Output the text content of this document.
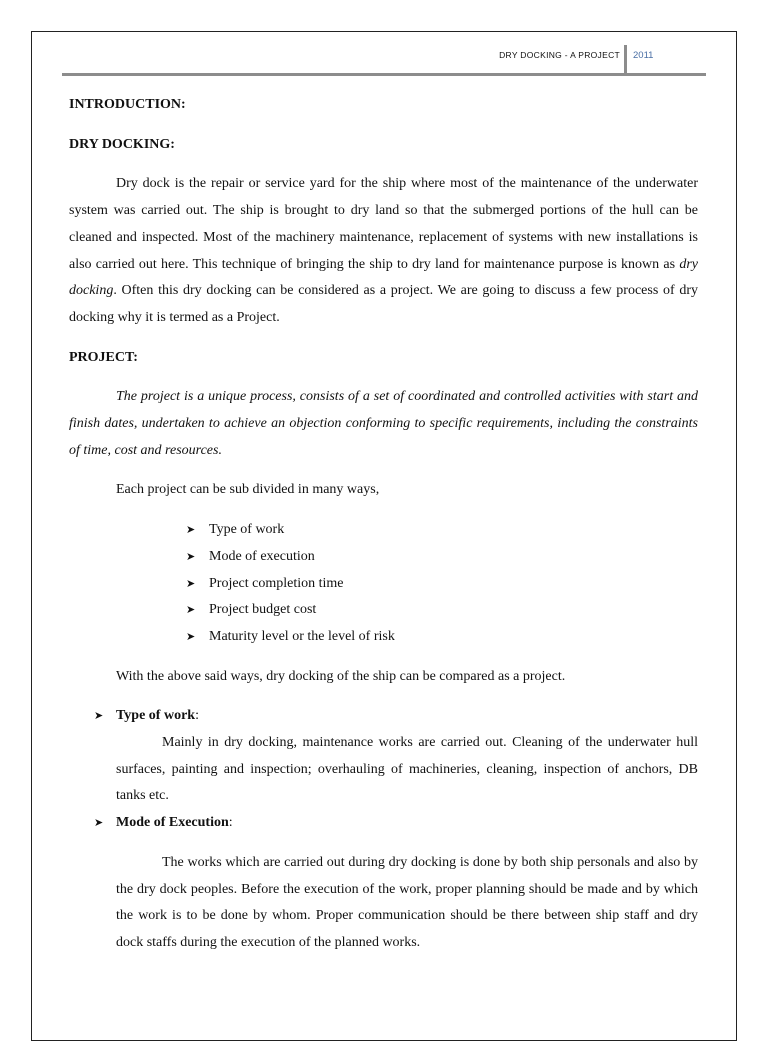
DRY DOCKING - A PROJECT 2011

INTRODUCTION:

DRY DOCKING:

Dry dock is the repair or service yard for the ship where most of the maintenance of the underwater system was carried out. The ship is brought to dry land so that the submerged portions of the hull can be cleaned and inspected. Most of the machinery maintenance, replacement of systems with new installations is also carried out here. This technique of bringing the ship to dry land for maintenance purpose is known as dry docking. Often this dry docking can be considered as a project. We are going to discuss a few process of dry docking why it is termed as a Project.

PROJECT:

The project is a unique process, consists of a set of coordinated and controlled activities with start and finish dates, undertaken to achieve an objection conforming to specific requirements, including the constraints of time, cost and resources.

Each project can be sub divided in many ways,

➤ Type of work
➤ Mode of execution
➤ Project completion time
➤ Project budget cost
➤ Maturity level or the level of risk

With the above said ways, dry docking of the ship can be compared as a project.

➤ Type of work:

Mainly in dry docking, maintenance works are carried out. Cleaning of the underwater hull surfaces, painting and inspection; overhauling of machineries, cleaning, inspection of anchors, DB tanks etc.

➤ Mode of Execution:

The works which are carried out during dry docking is done by both ship personals and also by the dry dock peoples. Before the execution of the work, proper planning should be made and by which the work is to be done by whom. Proper communication should be there between ship staff and dry dock staffs during the execution of the planned works.
